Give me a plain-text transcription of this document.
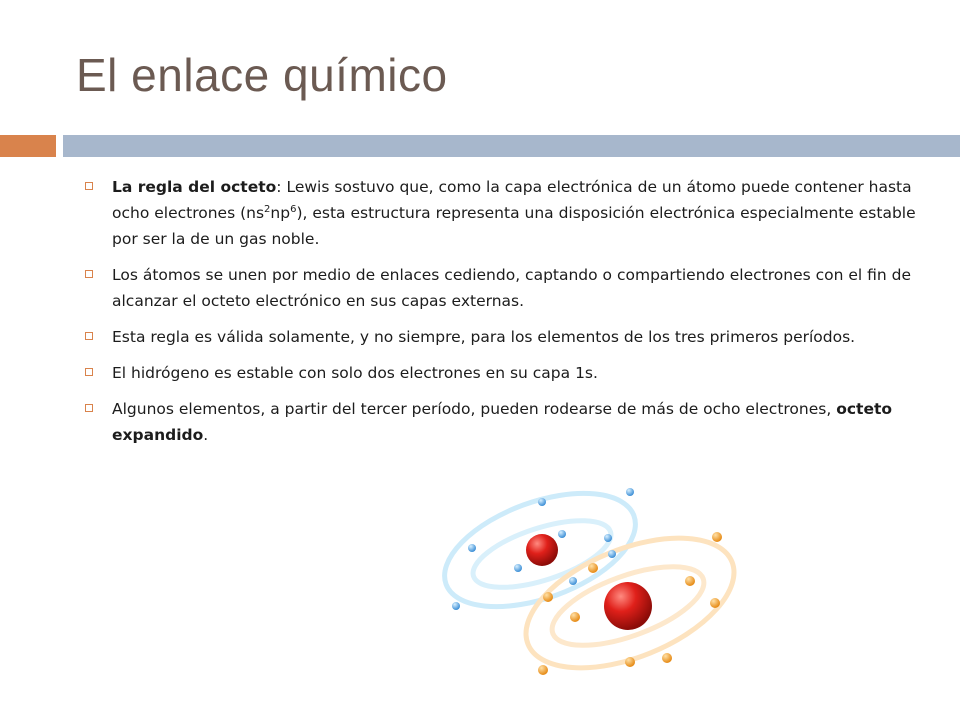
El enlace químico
La regla del octeto: Lewis sostuvo que, como la capa electrónica de un átomo puede contener hasta ocho electrones $(ns^2np^6)$, esta estructura representa una disposición electrónica especialmente estable por ser la de un gas noble.
Los átomos se unen por medio de enlaces cediendo, captando o compartiendo electrones con el fin de alcanzar el octeto electrónico en sus capas externas.
Esta regla es válida solamente, y no siempre, para los elementos de los tres primeros períodos.
El hidrógeno es estable con solo dos electrones en su capa 1s.
Algunos elementos, a partir del tercer período, pueden rodearse de más de ocho electrones, octeto expandido.
